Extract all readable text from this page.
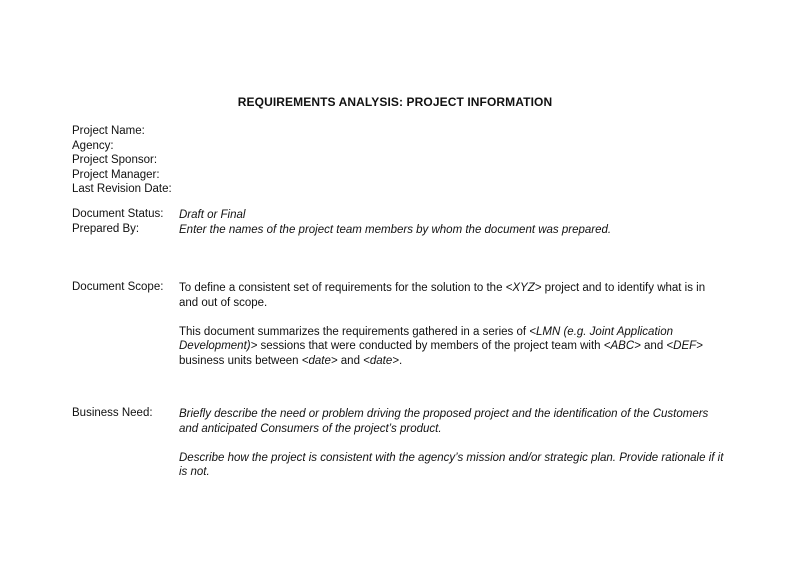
REQUIREMENTS ANALYSIS: PROJECT INFORMATION
Project Name:
Agency:
Project Sponsor:
Project Manager:
Last Revision Date:
Document Status: Draft or Final
Prepared By:	Enter the names of the project team members by whom the document was prepared.
Document Scope: To define a consistent set of requirements for the solution to the <XYZ> project and to identify what is in and out of scope.

This document summarizes the requirements gathered in a series of <LMN (e.g. Joint Application Development)> sessions that were conducted by members of the project team with <ABC> and <DEF> business units between <date> and <date>.

Business Need: Briefly describe the need or problem driving the proposed project and the identification of the Customers and anticipated Consumers of the project’s product.

Describe how the project is consistent with the agency’s mission and/or strategic plan. Provide rationale if it is not.
